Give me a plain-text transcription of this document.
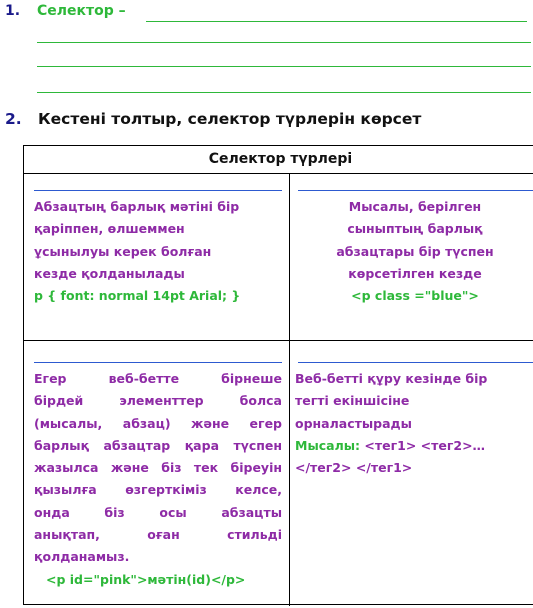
1. Селектор –
2. Кестені толтыр, селектор түрлерін көрсет
Селектор түрлері
Абзацтың барлық мәтіні бір
қаріппен, өлшеммен
ұсынылуы керек болған
кезде қолданылады
p { font: normal 14pt Arial; }
Мысалы, берілген
сыныптың барлық
абзацтары бір түспен
көрсетілген кезде
<p class ="blue">
Егер веб-бетте бірнеше
бірдей элементтер болса
(мысалы, абзац) және егер
барлық абзацтар қара түспен
жазылса және біз тек біреуін
қызылға өзгерткіміз келсе,
онда біз осы абзацты
анықтап, оған стильді
қолданамыз.
<p id="pink">мәтін(id)</p>
Веб-бетті құру кезінде бір
тегті екіншісіне
орналастырады
Мысалы: <тег1> <тег2>…
</тег2> </тег1>
